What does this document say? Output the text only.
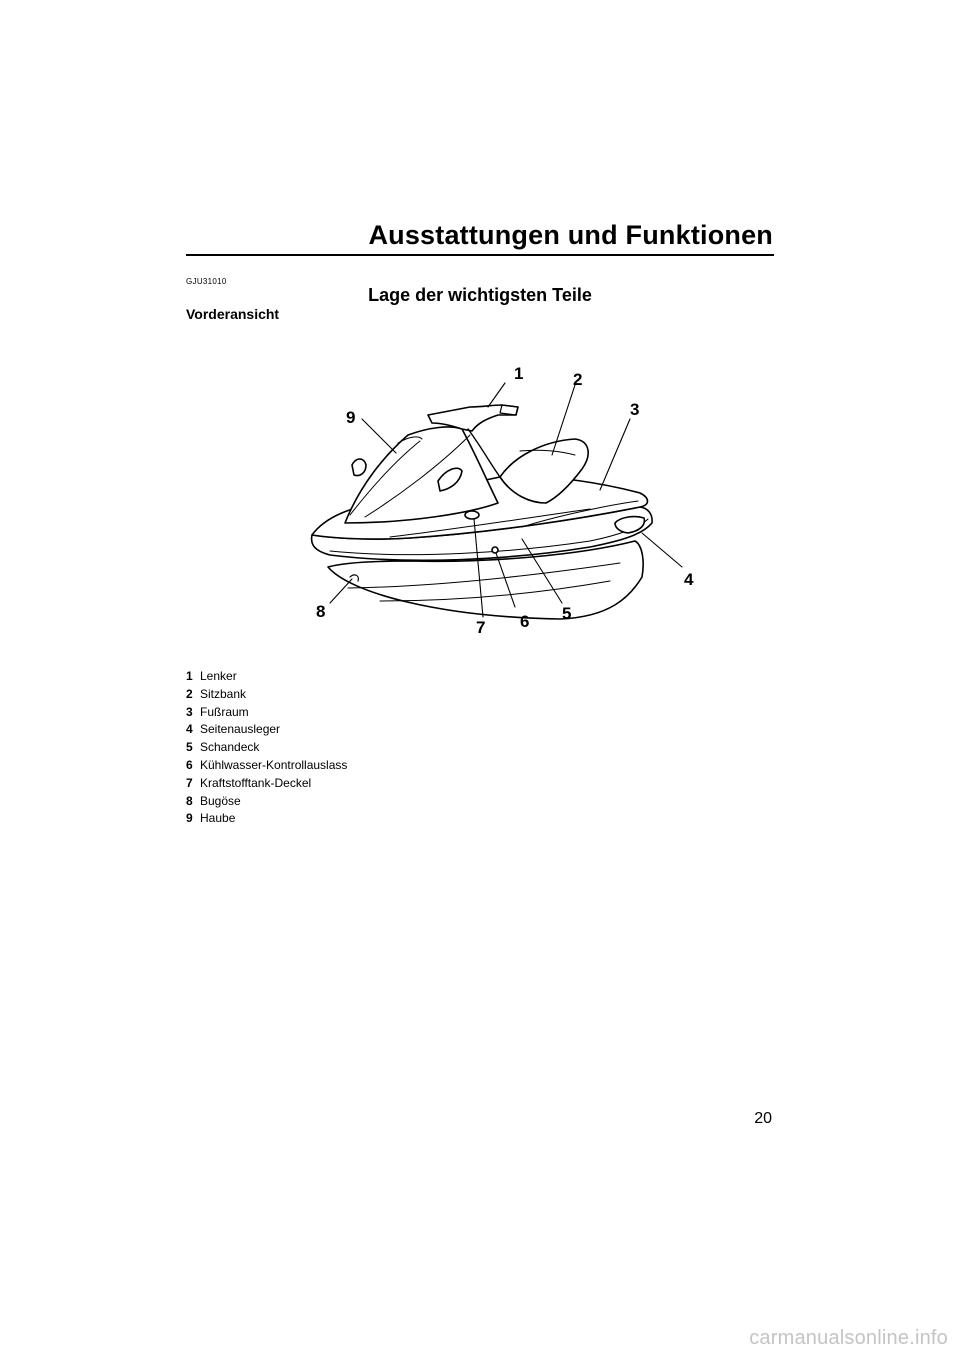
Ausstattungen und Funktionen
GJU31010
Lage der wichtigsten Teile
Vorderansicht
1	2
3
4
5
6
7
8
9
1 Lenker
2 Sitzbank
3 Fußraum
4 Seitenausleger
5 Schandeck
6 Kühlwasser-Kontrollauslass
7 Kraftstofftank-Deckel
8 Bugöse
9 Haube
20
carmanualsonline.info
